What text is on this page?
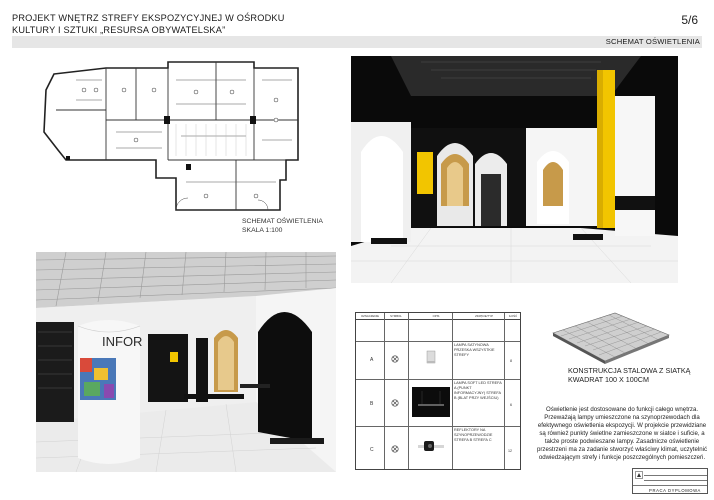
PROJEKT WNĘTRZ STREFY EKSPOZYCYJNEJ W OŚRODKU
KULTURY I SZTUKI „RESURSA OBYWATELSKA”
5/6
SCHEMAT OŚWIETLENIA
SCHEMAT OŚWIETLENIA
SKALA 1:100
INFOR
OZNACZENIE	SYMBOL	OPIS	ZDJĘCIE/TYP	ILOŚĆ
A
LAMPA SATYNOWA PRZESKA WSZYSTKIE STREFY
8
B
LAMPA SOFT LED STREFA A (PUNKT INFORMACYJNY) STREFA B (BLAT PRZY WEJŚCIU)
6
C
REFLEKTORY NA SZYNOPRZEWODZIE STREFA B STREFA C
12
KONSTRUKCJA STALOWA Z SIATKĄ KWADRAT 100 X 100CM
Oświetlenie jest dostosowane do funkcji całego wnętrza. Przeważają lampy umieszczone na szynoprzewodach dla efektywnego oświetlenia ekspozycji. W projekcie przewidziane są również punkty świetlne zamieszczone w siatce i suficie, a także proste podwieszane lampy. Zasadnicze oświetlenie przestrzeni ma za zadanie stworzyć właściwy klimat, uczytelnić odwiedzającym strefy i funkcje poszczególnych pomieszczeń.
PRACA DYPLOMOWA
